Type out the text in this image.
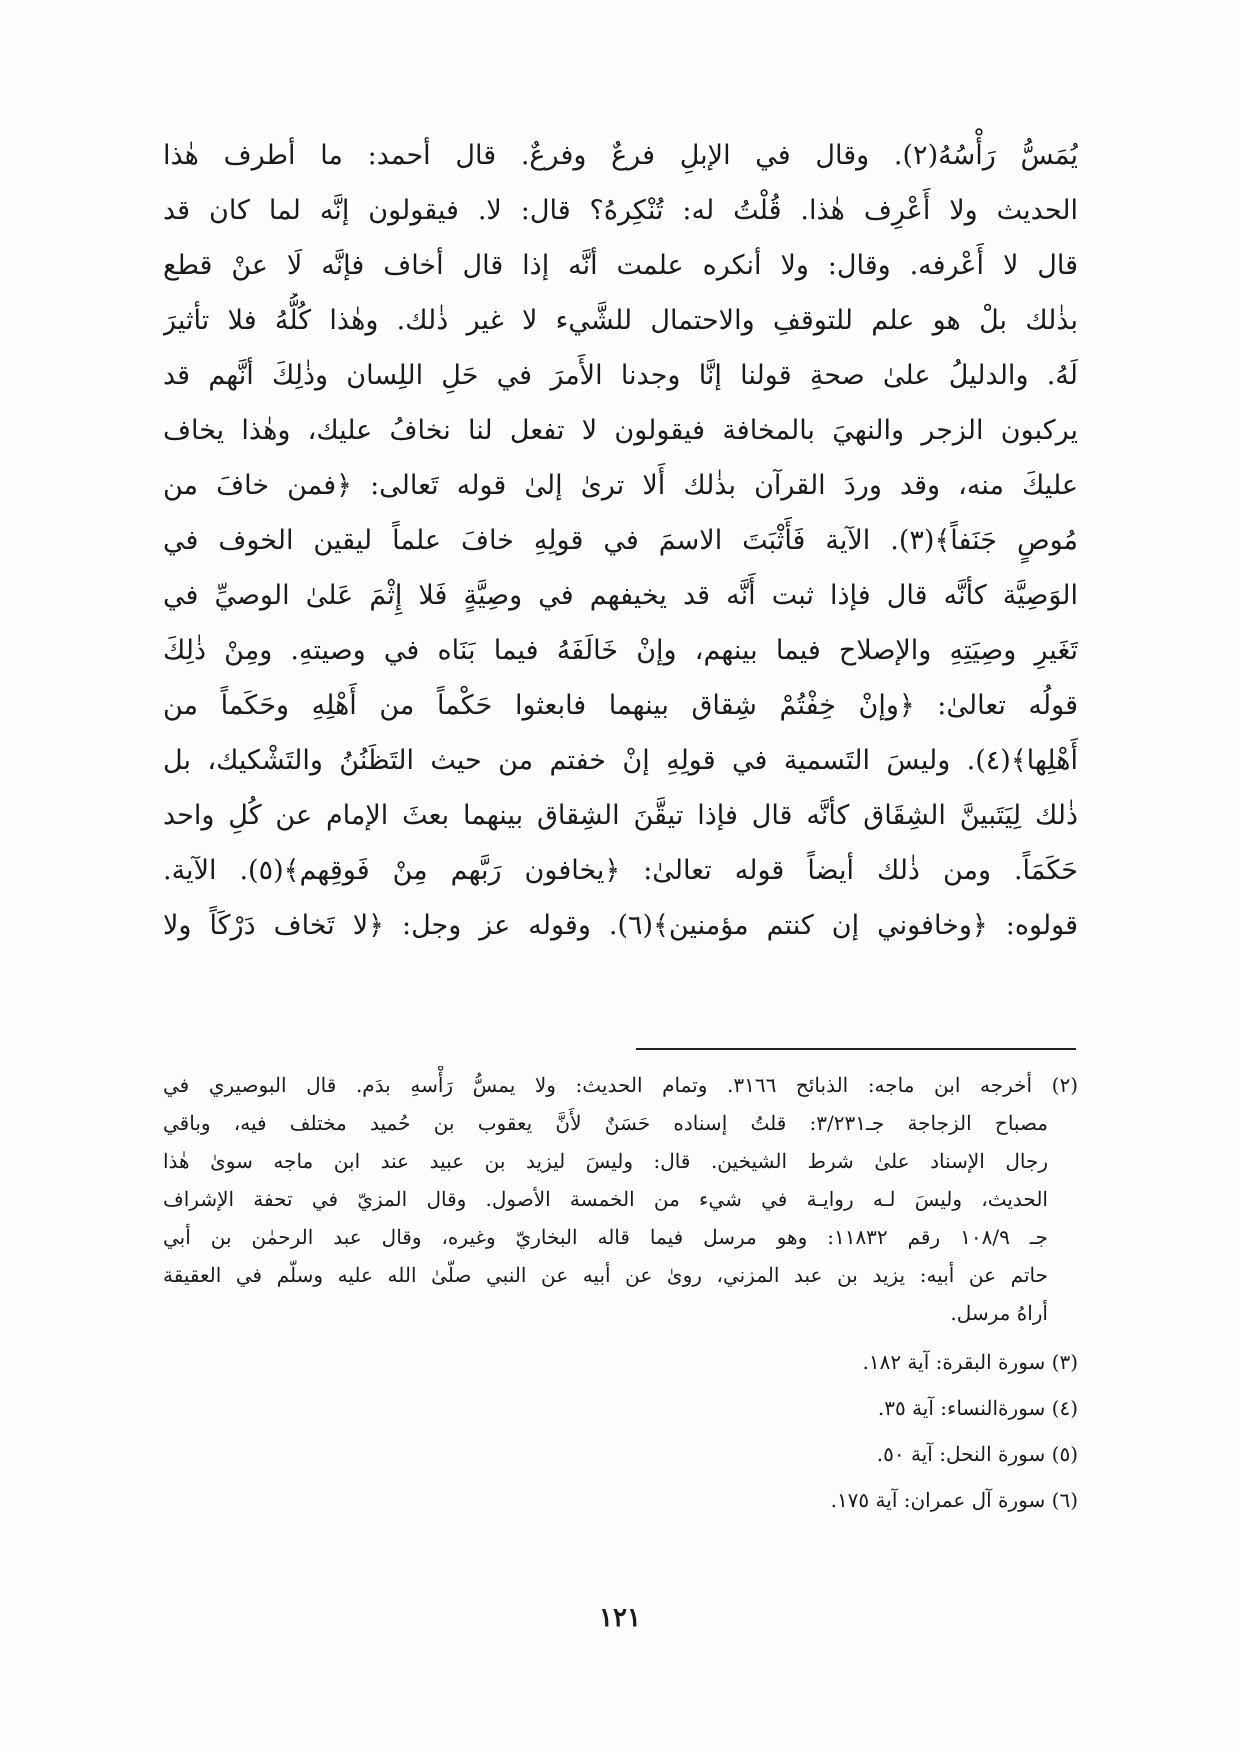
يُمَسُّ رَأْسُهُ(٢). وقال في الإبلِ فرعٌ وفرعٌ. قال أحمد: ما أطرف هٰذا
الحديث ولا أَعْرِف هٰذا. قُلْتُ له: تُنْكِرهُ؟ قال: لا. فيقولون إنَّه لما كان قد
قال لا أَعْرفه. وقال: ولا أنكره علمت أنَّه إذا قال أخاف فإنَّه لَا عنْ قطع
بذٰلك بلْ هو علم للتوقفِ والاحتمال للشَّيء لا غير ذٰلك. وهٰذا كُلُّهُ فلا تأثيرَ
لَهُ. والدليلُ علىٰ صحةِ قولنا إنَّا وجدنا الأَمرَ في حَلِ اللِسان وذٰلِكَ أنَّهم قد
يركبون الزجر والنهيَ بالمخافة فيقولون لا تفعل لنا نخافُ عليك، وهٰذا يخاف
عليكَ منه، وقد وردَ القرآن بذٰلك أَلا ترىٰ إلىٰ قوله تَعالى: ﴿فمن خافَ من
مُوصٍ جَنَفاً﴾(٣). الآية فَأَثْبَتَ الاسمَ في قولِهِ خافَ علماً ليقين الخوف في
الوَصِيَّة كأنَّه قال فإذا ثبت أَنَّه قد يخيفهم في وصِيَّةٍ فَلا إِثْمَ عَلىٰ الوصيِّ في
تَغَيرِ وصِيَتِهِ والإصلاح فيما بينهم، وإنْ خَالَفَهُ فيما بَنَاه في وصيتهِ. ومِنْ ذٰلِكَ
قولُه تعالىٰ: ﴿وإنْ خِفْتُمْ شِقاق بينهما فابعثوا حَكْماً من أَهْلِهِ وحَكَماً من
أَهْلِها﴾(٤). وليسَ التَسمية في قولِهِ إنْ خفتم من حيث التَظَنُنُ والتَشْكيك، بل
ذٰلك لِيَتَبينَّ الشِقَاق كأنَّه قال فإذا تيقَّنَ الشِقاق بينهما بعثَ الإمام عن كُلِ واحد
حَكَمَاً. ومن ذٰلك أيضاً قوله تعالىٰ: ﴿يخافون رَبَّهم مِنْ فَوقِهم﴾(٥). الآية.
قولوه: ﴿وخافوني إن كنتم مؤمنين﴾(٦). وقوله عز وجل: ﴿لا تَخاف دَرْكَاً ولا
(٢) أخرجه ابن ماجه: الذبائح ٣١٦٦. وتمام الحديث: ولا يمسُّ رَأْسهِ بدَم. قال البوصيري في
مصباح الزجاجة جـ٣/٢٣١: قلتُ إسناده حَسَنٌ لأَنَّ يعقوب بن حُميد مختلف فيه، وباقي
رجال الإسناد علىٰ شرط الشيخين. قال: وليسَ ليزيد بن عبيد عند ابن ماجه سوىٰ هٰذا
الحديث، وليسَ لـه روايـة في شيء من الخمسة الأصول. وقال المزيّ في تحفة الإشراف
جـ ١٠٨/٩ رقم ١١٨٣٢: وهو مرسل فيما قاله البخاريّ وغيره، وقال عبد الرحمٰن بن أبي
حاتم عن أبيه: يزيد بن عبد المزني، روىٰ عن أبيه عن النبي صلّىٰ الله عليه وسلّم في العقيقة
أراهُ مرسل.
(٣) سورة البقرة: آية ١٨٢.
(٤) سورةالنساء: آية ٣٥.
(٥) سورة النحل: آية ٥٠.
(٦) سورة آل عمران: آية ١٧٥.
١٢١
